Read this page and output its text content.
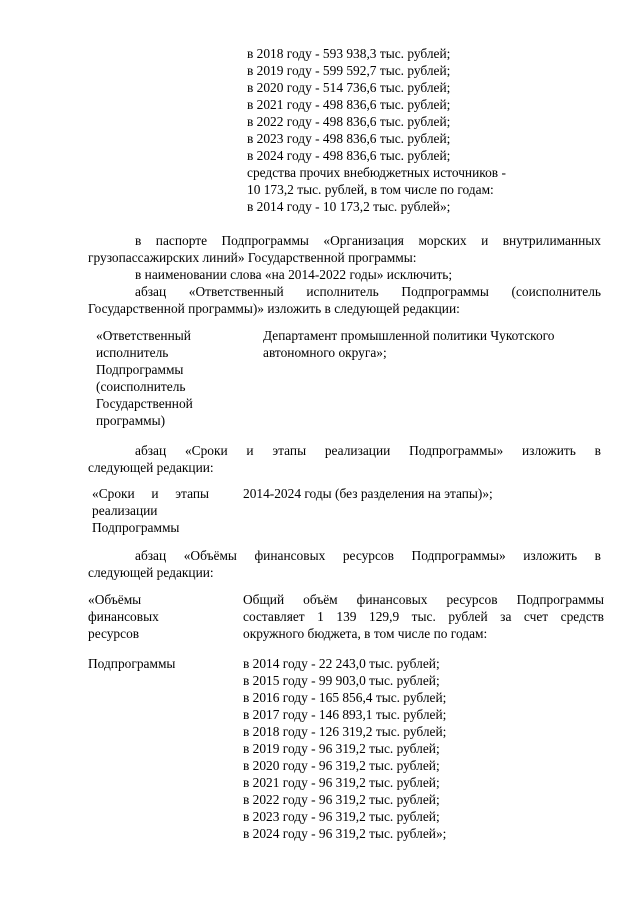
в 2018 году - 593 938,3 тыс. рублей;
в 2019 году - 599 592,7 тыс. рублей;
в 2020 году - 514 736,6 тыс. рублей;
в 2021 году - 498 836,6 тыс. рублей;
в 2022 году - 498 836,6 тыс. рублей;
в 2023 году - 498 836,6 тыс. рублей;
в 2024 году - 498 836,6 тыс. рублей;
средства прочих внебюджетных источников -
10 173,2 тыс. рублей, в том числе по годам:
в 2014 году - 10 173,2 тыс. рублей»;
в паспорте Подпрограммы «Организация морских и внутрилиманных
грузопассажирских линий» Государственной программы:
в наименовании слова «на 2014-2022 годы» исключить;
абзац «Ответственный исполнитель Подпрограммы (соисполнитель
Государственной программы)» изложить в следующей редакции:
«Ответственный
исполнитель
Подпрограммы
(соисполнитель
Государственной
программы)
Департамент промышленной политики Чукотского
автономного округа»;
абзац «Сроки и этапы реализации Подпрограммы» изложить в
следующей редакции:
«Сроки и этапы
реализации
Подпрограммы
2014-2024 годы (без разделения на этапы)»;
абзац «Объёмы финансовых ресурсов Подпрограммы» изложить в
следующей редакции:
«Объёмы
финансовых
ресурсов
Подпрограммы
Общий объём финансовых ресурсов Подпрограммы
составляет 1 139 129,9 тыс. рублей за счет средств
окружного бюджета, в том числе по годам:
в 2014 году - 22 243,0 тыс. рублей;
в 2015 году - 99 903,0 тыс. рублей;
в 2016 году - 165 856,4 тыс. рублей;
в 2017 году - 146 893,1 тыс. рублей;
в 2018 году - 126 319,2 тыс. рублей;
в 2019 году - 96 319,2 тыс. рублей;
в 2020 году - 96 319,2 тыс. рублей;
в 2021 году - 96 319,2 тыс. рублей;
в 2022 году - 96 319,2 тыс. рублей;
в 2023 году - 96 319,2 тыс. рублей;
в 2024 году - 96 319,2 тыс. рублей»;
